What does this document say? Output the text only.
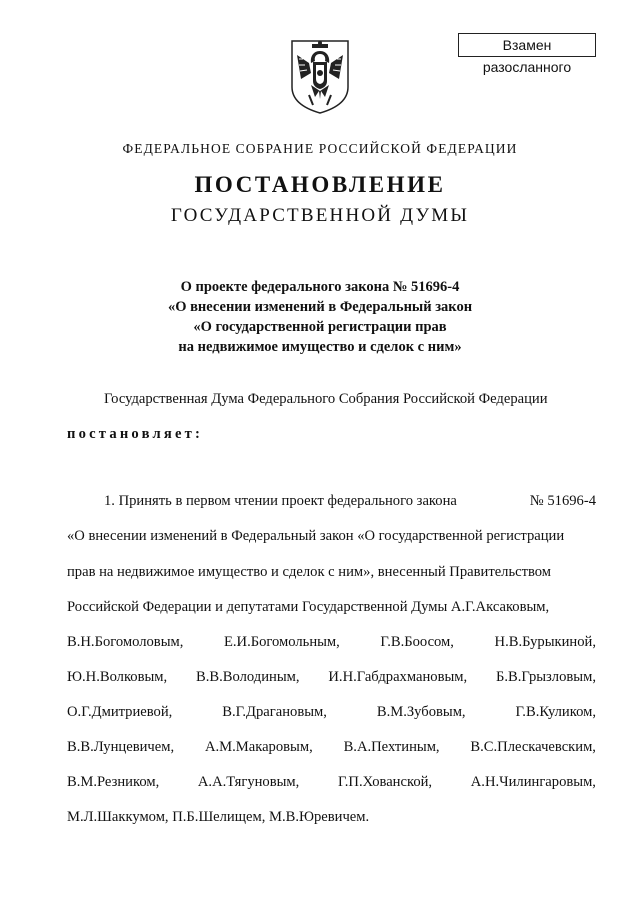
Взамен разосланного
ФЕДЕРАЛЬНОЕ СОБРАНИЕ РОССИЙСКОЙ ФЕДЕРАЦИИ
ПОСТАНОВЛЕНИЕ
ГОСУДАРСТВЕННОЙ ДУМЫ
О проекте федерального закона № 51696-4
«О внесении изменений в Федеральный закон
«О государственной регистрации прав
на недвижимое имущество и сделок с ним»
Государственная Дума Федерального Собрания Российской Федерации
постановляет:
1. Принять в первом чтении проект федерального закона	№ 51696-4
«О внесении изменений в Федеральный закон «О государственной регистрации
прав на недвижимое имущество и сделок с ним», внесенный Правительством
Российской Федерации и депутатами Государственной Думы А.Г.Аксаковым,
В.Н.Богомоловым,	Е.И.Богомольным,	Г.В.Боосом,	Н.В.Бурыкиной,
Ю.Н.Волковым, В.В.Володиным, И.Н.Габдрахмановым, Б.В.Грызловым,
О.Г.Дмитриевой,	В.Г.Драгановым,	В.М.Зубовым,	Г.В.Куликом,
В.В.Лунцевичем, А.М.Макаровым, В.А.Пехтиным, В.С.Плескачевским,
В.М.Резником,	А.А.Тягуновым,	Г.П.Хованской,	А.Н.Чилингаровым,
М.Л.Шаккумом, П.Б.Шелищем, М.В.Юревичем.
